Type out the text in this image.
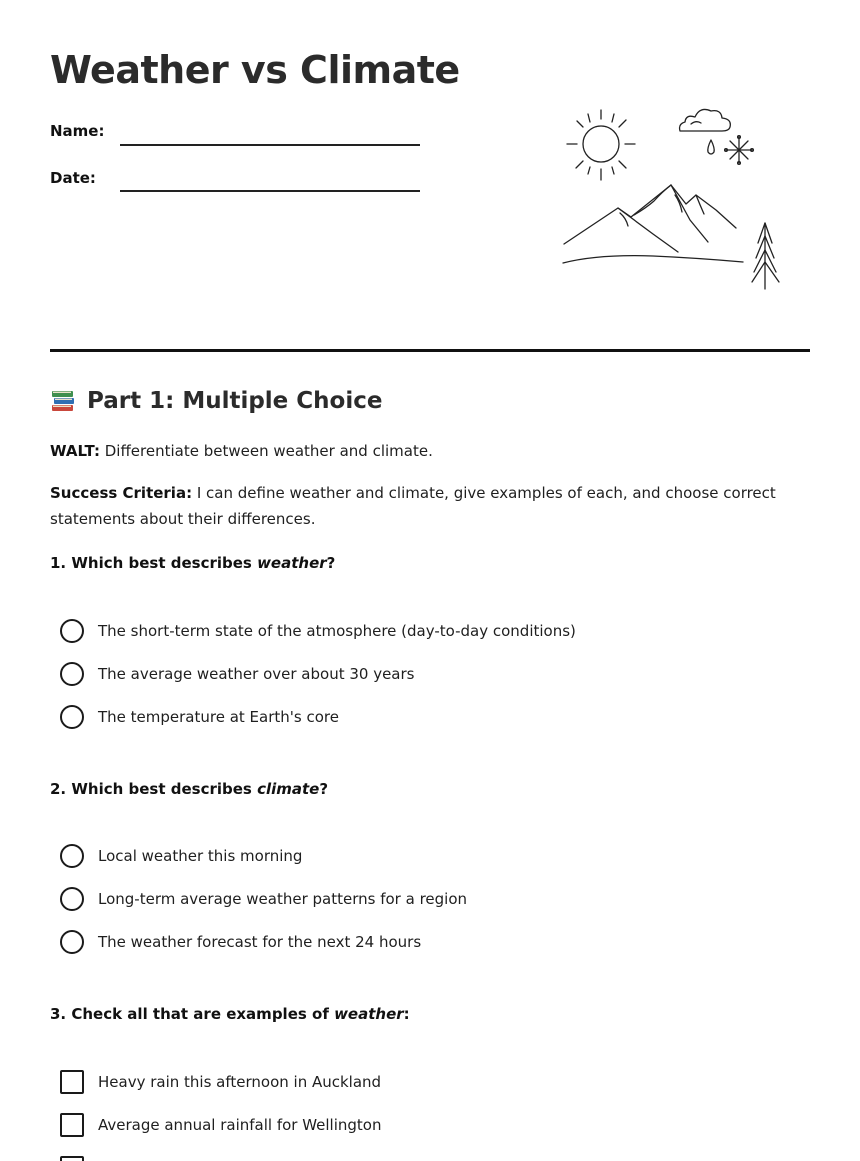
Weather vs Climate
Name:
Date:
Part 1: Multiple Choice

WALT: Differentiate between weather and climate.

Success Criteria: I can define weather and climate, give examples of each, and choose correct statements about their differences.

1. Which best describes weather?

The short-term state of the atmosphere (day-to-day conditions)
The average weather over about 30 years
The temperature at Earth's core

2. Which best describes climate?

Local weather this morning
Long-term average weather patterns for a region
The weather forecast for the next 24 hours

3. Check all that are examples of weather:

Heavy rain this afternoon in Auckland
Average annual rainfall for Wellington
